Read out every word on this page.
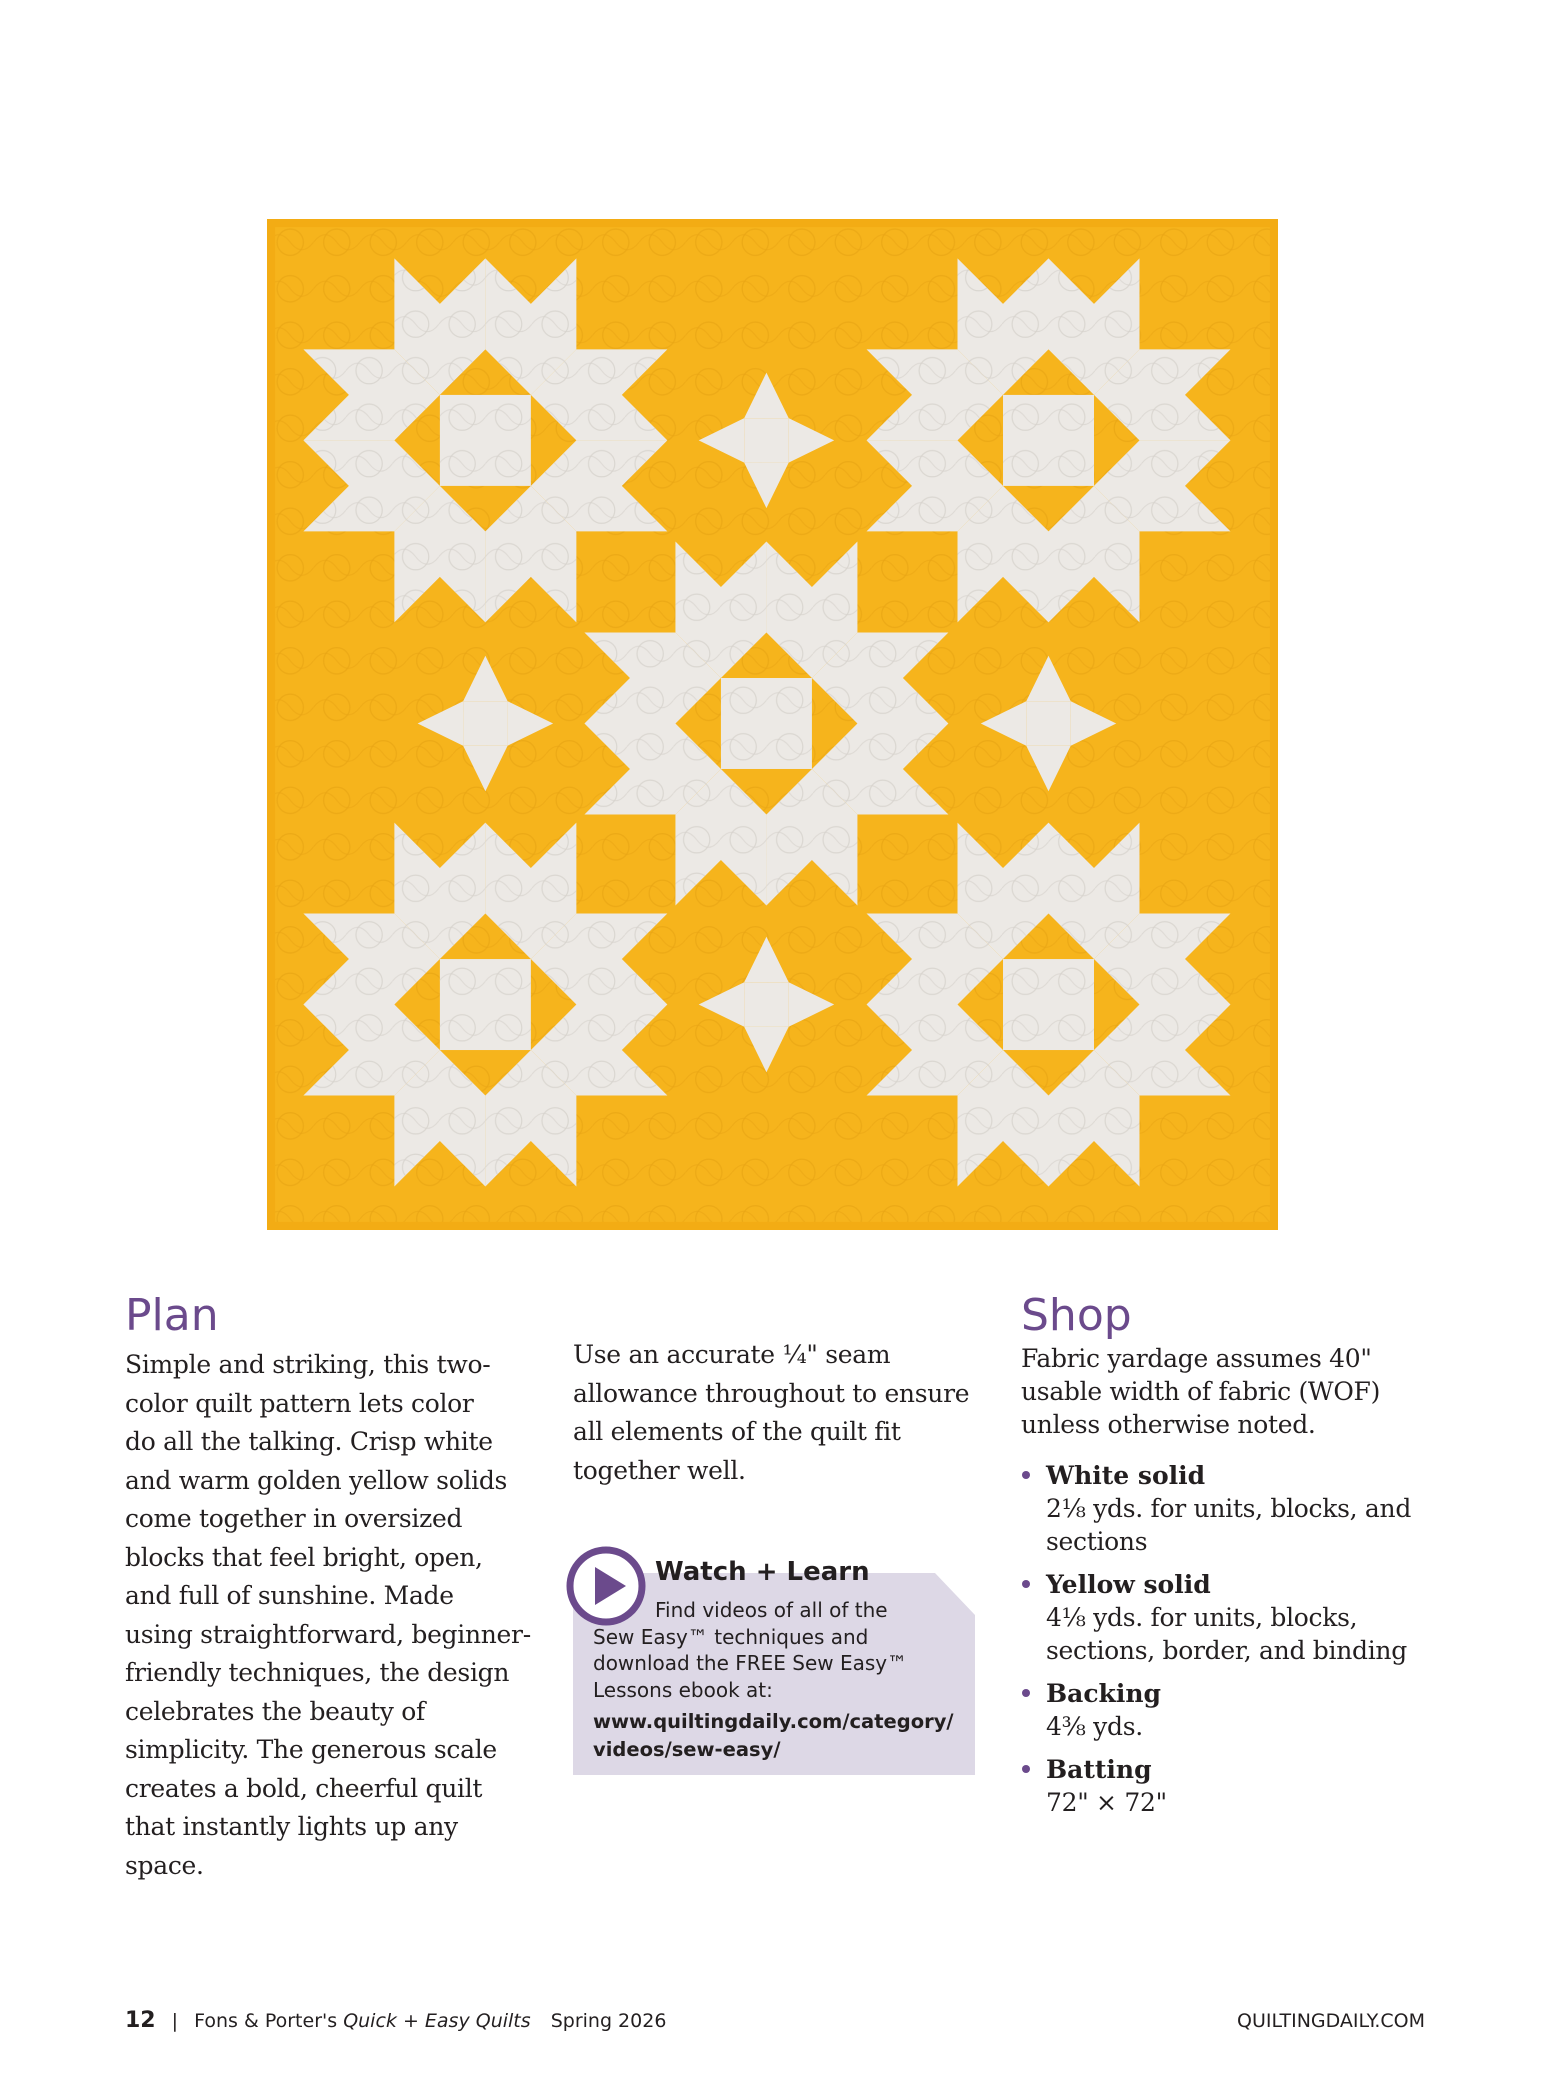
Plan
Simple and striking, this two-
color quilt pattern lets color
do all the talking. Crisp white
and warm golden yellow solids
come together in oversized
blocks that feel bright, open,
and full of sunshine. Made
using straightforward, beginner-
friendly techniques, the design
celebrates the beauty of
simplicity. The generous scale
creates a bold, cheerful quilt
that instantly lights up any
space.
Use an accurate ¼" seam
allowance throughout to ensure
all elements of the quilt fit
together well.
Watch + Learn
Find videos of all of the
Sew Easy™ techniques and
download the FREE Sew Easy™
Lessons ebook at:
www.quiltingdaily.com/category/
videos/sew-easy/
Shop
Fabric yardage assumes 40"
usable width of fabric (WOF)
unless otherwise noted.
White solid
2⅛ yds. for units, blocks, and
sections
Yellow solid
4⅛ yds. for units, blocks,
sections, border, and binding
Backing
4⅜ yds.
Batting
72" × 72"
12 | Fons & Porter's Quick + Easy Quilts Spring 2026	QUILTINGDAILY.COM
